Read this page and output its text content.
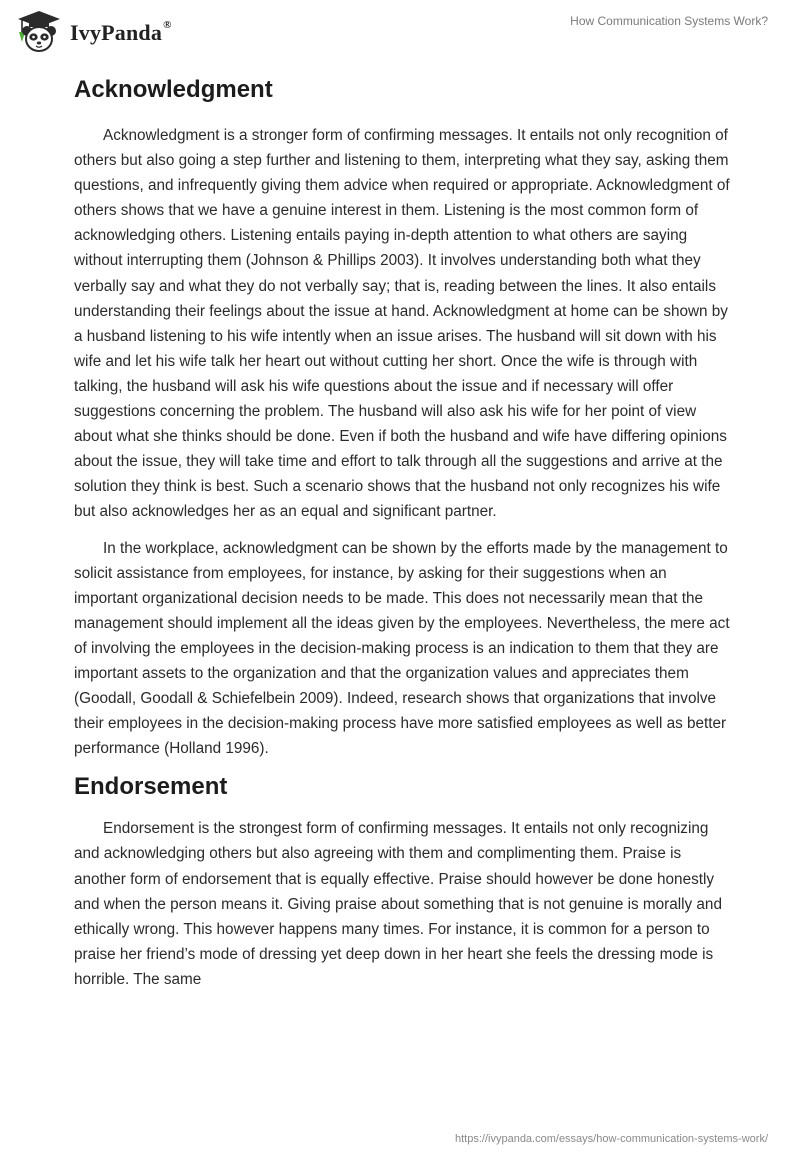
IvyPanda®	How Communication Systems Work?
Acknowledgment

Acknowledgment is a stronger form of confirming messages. It entails not only recognition of others but also going a step further and listening to them, interpreting what they say, asking them questions, and infrequently giving them advice when required or appropriate. Acknowledgment of others shows that we have a genuine interest in them. Listening is the most common form of acknowledging others. Listening entails paying in-depth attention to what others are saying without interrupting them (Johnson & Phillips 2003). It involves understanding both what they verbally say and what they do not verbally say; that is, reading between the lines. It also entails understanding their feelings about the issue at hand. Acknowledgment at home can be shown by a husband listening to his wife intently when an issue arises. The husband will sit down with his wife and let his wife talk her heart out without cutting her short. Once the wife is through with talking, the husband will ask his wife questions about the issue and if necessary will offer suggestions concerning the problem. The husband will also ask his wife for her point of view about what she thinks should be done. Even if both the husband and wife have differing opinions about the issue, they will take time and effort to talk through all the suggestions and arrive at the solution they think is best. Such a scenario shows that the husband not only recognizes his wife but also acknowledges her as an equal and significant partner.

In the workplace, acknowledgment can be shown by the efforts made by the management to solicit assistance from employees, for instance, by asking for their suggestions when an important organizational decision needs to be made. This does not necessarily mean that the management should implement all the ideas given by the employees. Nevertheless, the mere act of involving the employees in the decision-making process is an indication to them that they are important assets to the organization and that the organization values and appreciates them (Goodall, Goodall & Schiefelbein 2009). Indeed, research shows that organizations that involve their employees in the decision-making process have more satisfied employees as well as better performance (Holland 1996).

Endorsement

Endorsement is the strongest form of confirming messages. It entails not only recognizing and acknowledging others but also agreeing with them and complimenting them. Praise is another form of endorsement that is equally effective. Praise should however be done honestly and when the person means it. Giving praise about something that is not genuine is morally and ethically wrong. This however happens many times. For instance, it is common for a person to praise her friend’s mode of dressing yet deep down in her heart she feels the dressing mode is horrible. The same

https://ivypanda.com/essays/how-communication-systems-work/
